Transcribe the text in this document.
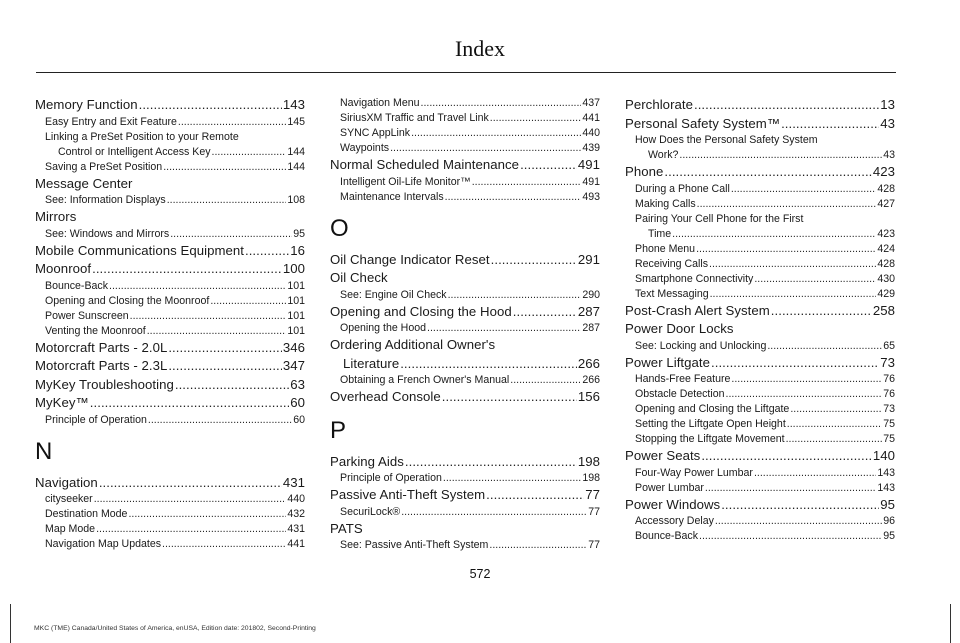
Index
Memory Function .....	143
Easy Entry and Exit Feature .....	145
Linking a PreSet Position to your Remote
Control or Intelligent Access Key .....	144
Saving a PreSet Position .....	144
Message Center
See: Information Displays .....	108
Mirrors
See: Windows and Mirrors .....	95
Mobile Communications Equipment .....	16
Moonroof .....	100
Bounce-Back .....	101
Opening and Closing the Moonroof .....	101
Power Sunscreen .....	101
Venting the Moonroof .....	101
Motorcraft Parts - 2.0L .....	346
Motorcraft Parts - 2.3L .....	347
MyKey Troubleshooting .....	63
MyKey™ .....	60
Principle of Operation .....	60
N
Navigation .....	431
cityseeker .....	440
Destination Mode .....	432
Map Mode .....	431
Navigation Map Updates .....	441
Navigation Menu .....	437
SiriusXM Traffic and Travel Link .....	441
SYNC AppLink .....	440
Waypoints .....	439
Normal Scheduled Maintenance .....	491
Intelligent Oil-Life Monitor™ .....	491
Maintenance Intervals .....	493
O
Oil Change Indicator Reset .....	291
Oil Check
See: Engine Oil Check .....	290
Opening and Closing the Hood .....	287
Opening the Hood .....	287
Ordering Additional Owner's
Literature .....	266
Obtaining a French Owner's Manual .....	266
Overhead Console .....	156
P
Parking Aids .....	198
Principle of Operation .....	198
Passive Anti-Theft System .....	77
SecuriLock® .....	77
PATS
See: Passive Anti-Theft System .....	77
Perchlorate .....	13
Personal Safety System™ .....	43
How Does the Personal Safety System
Work? .....	43
Phone .....	423
During a Phone Call .....	428
Making Calls .....	427
Pairing Your Cell Phone for the First
Time .....	423
Phone Menu .....	424
Receiving Calls .....	428
Smartphone Connectivity .....	430
Text Messaging .....	429
Post-Crash Alert System .....	258
Power Door Locks
See: Locking and Unlocking .....	65
Power Liftgate .....	73
Hands-Free Feature .....	76
Obstacle Detection .....	76
Opening and Closing the Liftgate .....	73
Setting the Liftgate Open Height .....	75
Stopping the Liftgate Movement .....	75
Power Seats .....	140
Four-Way Power Lumbar .....	143
Power Lumbar .....	143
Power Windows .....	95
Accessory Delay .....	96
Bounce-Back .....	95
572
MKC (TME) Canada/United States of America, enUSA, Edition date: 201802, Second-Printing
